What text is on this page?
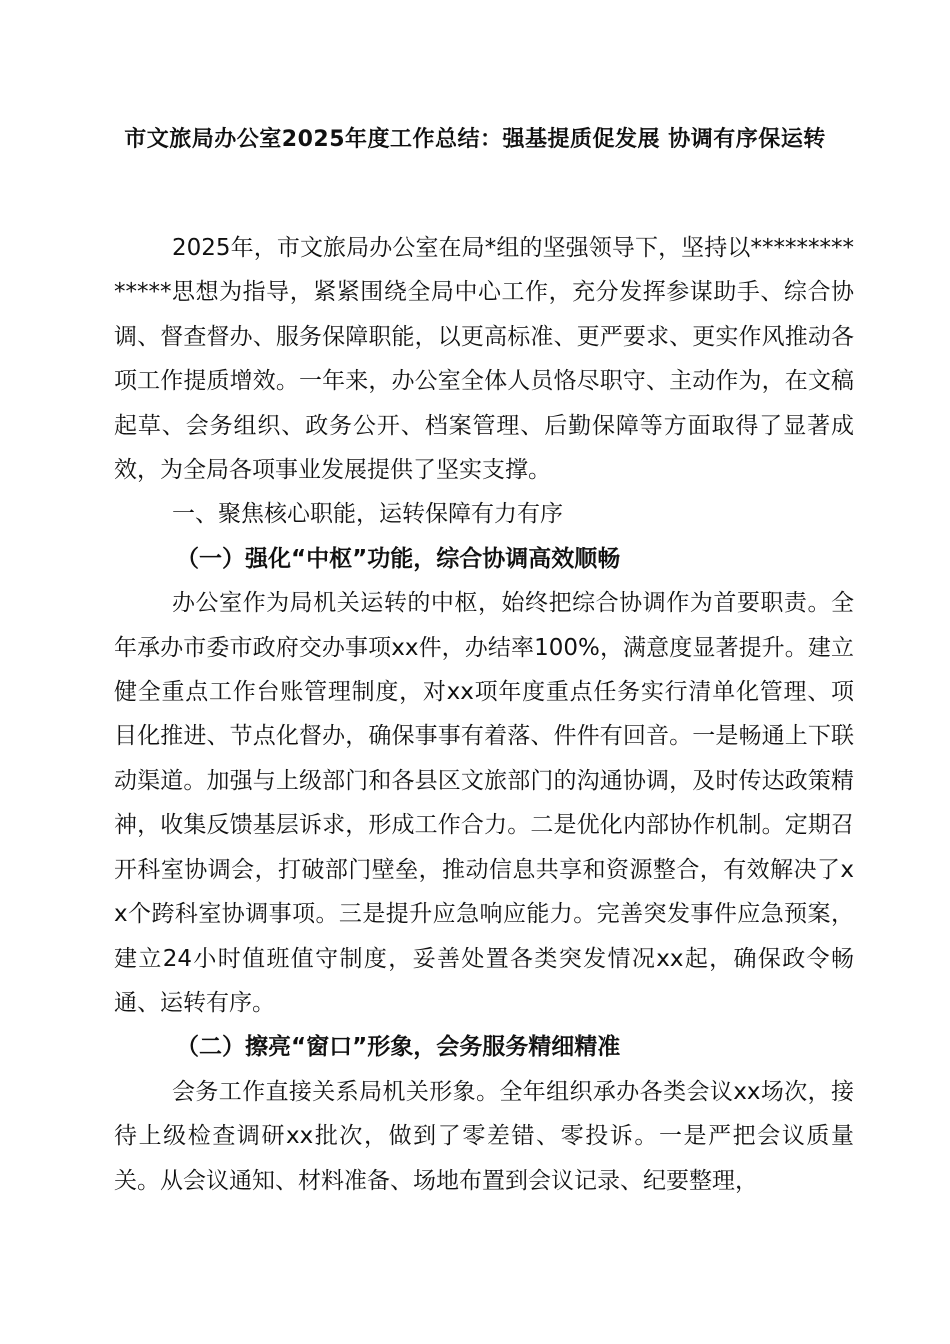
市文旅局办公室2025年度工作总结：强基提质促发展 协调有序保运转

2025年，市文旅局办公室在局*组的坚强领导下，坚持以**************思想为指导，紧紧围绕全局中心工作，充分发挥参谋助手、综合协调、督查督办、服务保障职能，以更高标准、更严要求、更实作风推动各项工作提质增效。一年来，办公室全体人员恪尽职守、主动作为，在文稿起草、会务组织、政务公开、档案管理、后勤保障等方面取得了显著成效，为全局各项事业发展提供了坚实支撑。

一、聚焦核心职能，运转保障有力有序

（一）强化“中枢”功能，综合协调高效顺畅

办公室作为局机关运转的中枢，始终把综合协调作为首要职责。全年承办市委市政府交办事项xx件，办结率100%，满意度显著提升。建立健全重点工作台账管理制度，对xx项年度重点任务实行清单化管理、项目化推进、节点化督办，确保事事有着落、件件有回音。一是畅通上下联动渠道。加强与上级部门和各县区文旅部门的沟通协调，及时传达政策精神，收集反馈基层诉求，形成工作合力。二是优化内部协作机制。定期召开科室协调会，打破部门壁垒，推动信息共享和资源整合，有效解决了xx个跨科室协调事项。三是提升应急响应能力。完善突发事件应急预案，建立24小时值班值守制度，妥善处置各类突发情况xx起，确保政令畅通、运转有序。

（二）擦亮“窗口”形象，会务服务精细精准

会务工作直接关系局机关形象。全年组织承办各类会议xx场次，接待上级检查调研xx批次，做到了零差错、零投诉。一是严把会议质量关。从会议通知、材料准备、场地布置到会议记录、纪要整理，
